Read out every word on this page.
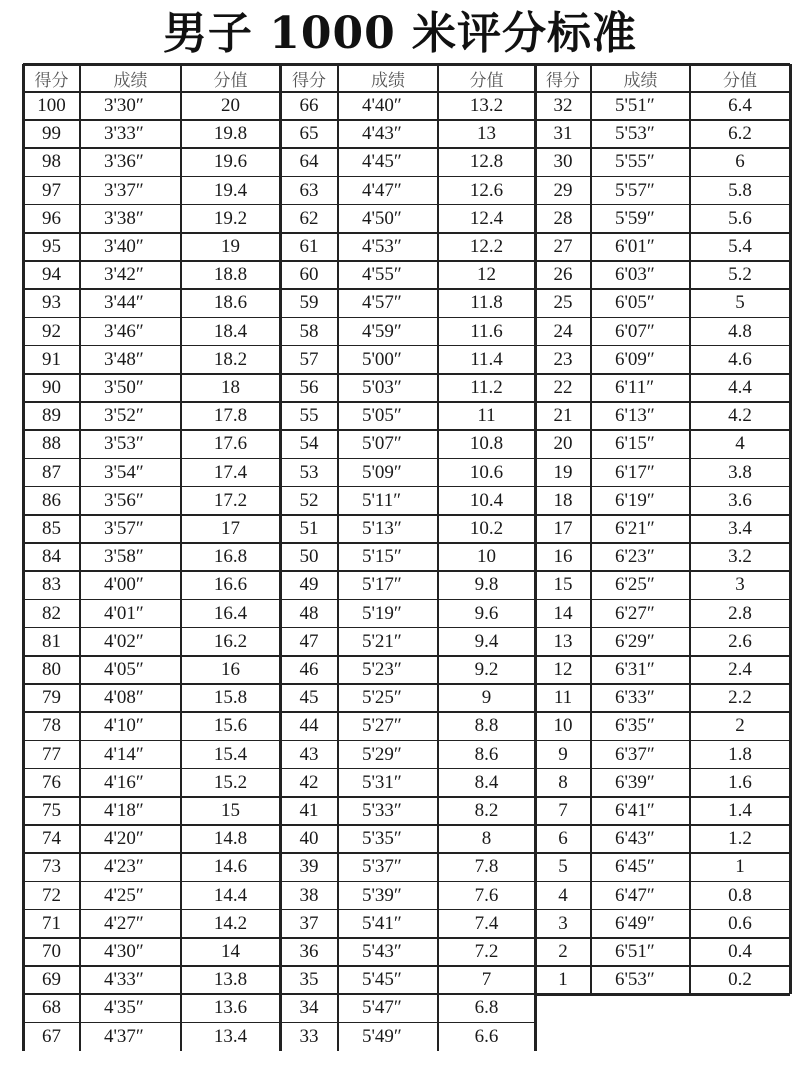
得分	成绩	分值
100	3'30″	20
99	3'33″	19.8
98	3'36″	19.6
97	3'37″	19.4
96	3'38″	19.2
95	3'40″	19
94	3'42″	18.8
93	3'44″	18.6
92	3'46″	18.4
91	3'48″	18.2
90	3'50″	18
89	3'52″	17.8
88	3'53″	17.6
87	3'54″	17.4
86	3'56″	17.2
85	3'57″	17
84	3'58″	16.8
83	4'00″	16.6
82	4'01″	16.4
81	4'02″	16.2
80	4'05″	16
79	4'08″	15.8
78	4'10″	15.6
77	4'14″	15.4
76	4'16″	15.2
75	4'18″	15
74	4'20″	14.8
73	4'23″	14.6
72	4'25″	14.4
71	4'27″	14.2
70	4'30″	14
69	4'33″	13.8
68	4'35″	13.6
67	4'37″	13.4
得分	成绩	分值
66	4'40″	13.2
65	4'43″	13
64	4'45″	12.8
63	4'47″	12.6
62	4'50″	12.4
61	4'53″	12.2
60	4'55″	12
59	4'57″	11.8
58	4'59″	11.6
57	5'00″	11.4
56	5'03″	11.2
55	5'05″	11
54	5'07″	10.8
53	5'09″	10.6
52	5'11″	10.4
51	5'13″	10.2
50	5'15″	10
49	5'17″	9.8
48	5'19″	9.6
47	5'21″	9.4
46	5'23″	9.2
45	5'25″	9
44	5'27″	8.8
43	5'29″	8.6
42	5'31″	8.4
41	5'33″	8.2
40	5'35″	8
39	5'37″	7.8
38	5'39″	7.6
37	5'41″	7.4
36	5'43″	7.2
35	5'45″	7
34	5'47″	6.8
33	5'49″	6.6
得分	成绩	分值
32	5'51″	6.4
31	5'53″	6.2
30	5'55″	6
29	5'57″	5.8
28	5'59″	5.6
27	6'01″	5.4
26	6'03″	5.2
25	6'05″	5
24	6'07″	4.8
23	6'09″	4.6
22	6'11″	4.4
21	6'13″	4.2
20	6'15″	4
19	6'17″	3.8
18	6'19″	3.6
17	6'21″	3.4
16	6'23″	3.2
15	6'25″	3
14	6'27″	2.8
13	6'29″	2.6
12	6'31″	2.4
11	6'33″	2.2
10	6'35″	2
9	6'37″	1.8
8	6'39″	1.6
7	6'41″	1.4
6	6'43″	1.2
5	6'45″	1
4	6'47″	0.8
3	6'49″	0.6
2	6'51″	0.4
1	6'53″	0.2
男子 1000 米评分标准
